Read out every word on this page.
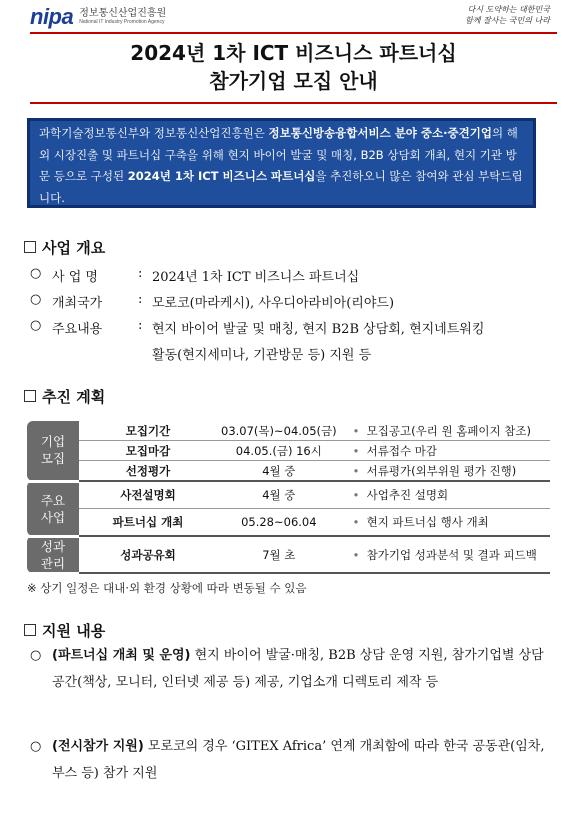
nipa 정보통신산업진흥원
National IT Industry Promotion Agency
다시 도약하는 대한민국
함께 잘사는 국민의 나라
2024년 1차 ICT 비즈니스 파트너십
참가기업 모집 안내
과학기술정보통신부와 정보통신산업진흥원은 정보통신방송융합서비스 분야 중소·중견기업의 해외 시장진출 및 파트너십 구축을 위해 현지 바이어 발굴 및 매칭, B2B 상담회 개최, 현지 기관 방문 등으로 구성된 2024년 1차 ICT 비즈니스 파트너십을 추진하오니 많은 참여와 관심 부탁드립니다.
사업 개요
○ 사 업 명	: 2024년 1차 ICT 비즈니스 파트너십
○ 개최국가	: 모로코(마라케시), 사우디아라비아(리야드)
○ 주요내용	: 현지 바이어 발굴 및 매칭, 현지 B2B 상담회, 현지네트워킹
활동(현지세미나, 기관방문 등) 지원 등
추진 계획
기업
모집	모집기간	03.07(목)~04.05(금)	• 모집공고(우리 원 홈페이지 참조)
	모집마감	04.05.(금) 16시	• 서류접수 마감
	선정평가	4월 중	• 서류평가(외부위원 평가 진행)
주요
사업	사전설명회	4월 중	• 사업추진 설명회
	파트너십 개최	05.28~06.04	• 현지 파트너십 행사 개최
성과
관리	성과공유회	7월 초	• 참가기업 성과분석 및 결과 피드백
※ 상기 일정은 대내·외 환경 상황에 따라 변동될 수 있음
지원 내용
○ (파트너십 개최 및 운영) 현지 바이어 발굴·매칭, B2B 상담 운영 지원, 참가기업별 상담 공간(책상, 모니터, 인터넷 제공 등) 제공, 기업소개 디렉토리 제작 등
○ (전시참가 지원) 모로코의 경우 ‘GITEX Africa’ 연계 개최함에 따라 한국 공동관(임차, 부스 등) 참가 지원
